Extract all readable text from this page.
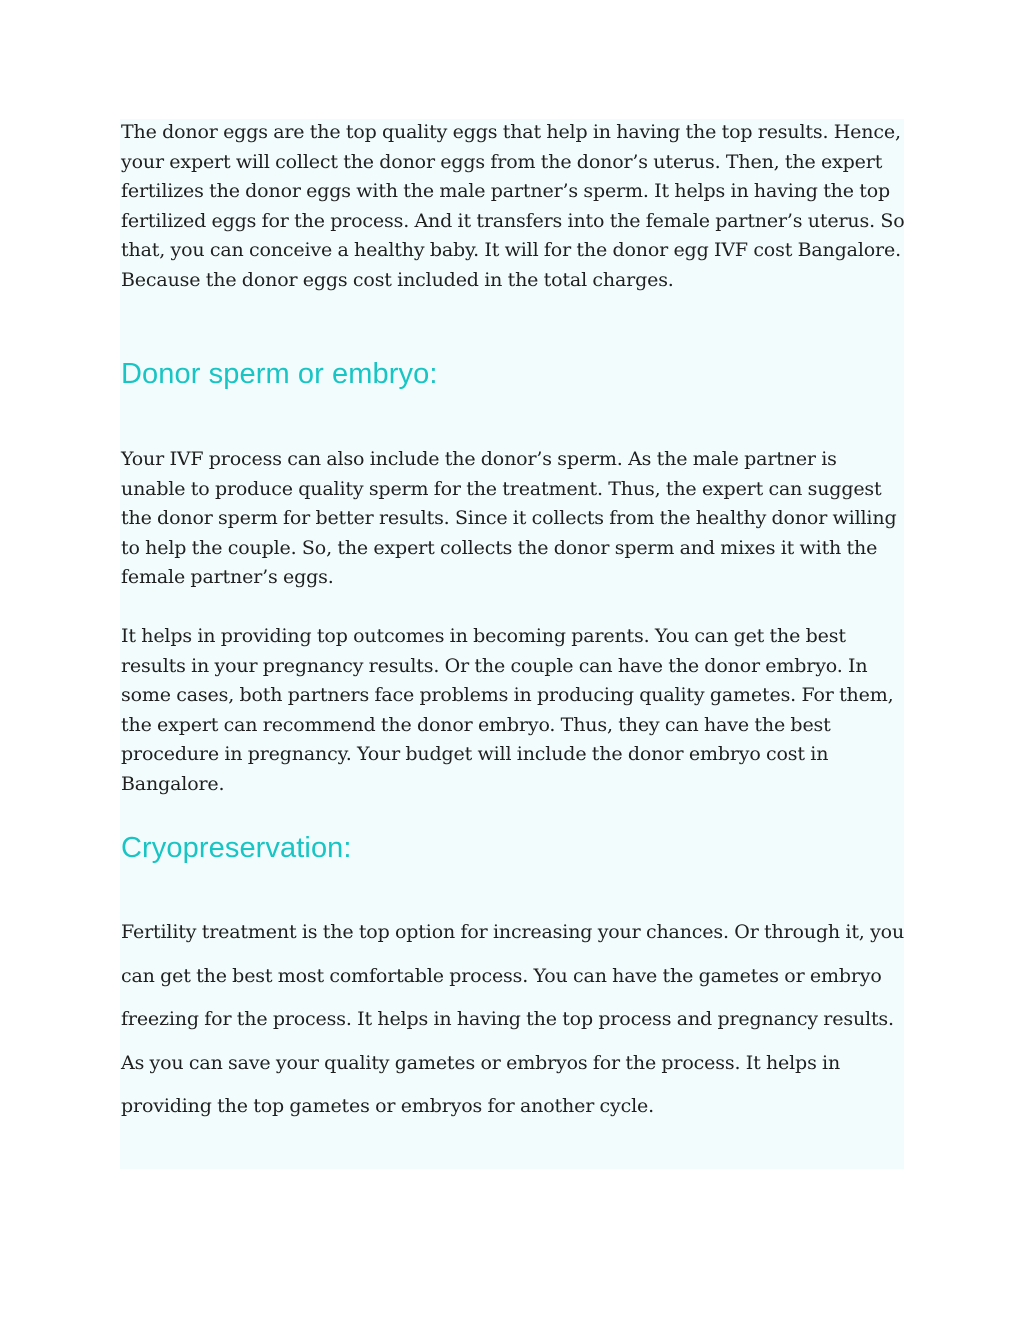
The donor eggs are the top quality eggs that help in having the top results. Hence, your expert will collect the donor eggs from the donor’s uterus. Then, the expert fertilizes the donor eggs with the male partner’s sperm. It helps in having the top fertilized eggs for the process. And it transfers into the female partner’s uterus. So that, you can conceive a healthy baby. It will for the donor egg IVF cost Bangalore. Because the donor eggs cost included in the total charges.

Donor sperm or embryo:

Your IVF process can also include the donor’s sperm. As the male partner is unable to produce quality sperm for the treatment. Thus, the expert can suggest the donor sperm for better results. Since it collects from the healthy donor willing to help the couple. So, the expert collects the donor sperm and mixes it with the female partner’s eggs.

It helps in providing top outcomes in becoming parents. You can get the best results in your pregnancy results. Or the couple can have the donor embryo. In some cases, both partners face problems in producing quality gametes. For them, the expert can recommend the donor embryo. Thus, they can have the best procedure in pregnancy. Your budget will include the donor embryo cost in Bangalore.

Cryopreservation:

Fertility treatment is the top option for increasing your chances. Or through it, you can get the best most comfortable process. You can have the gametes or embryo freezing for the process. It helps in having the top process and pregnancy results. As you can save your quality gametes or embryos for the process. It helps in providing the top gametes or embryos for another cycle.
